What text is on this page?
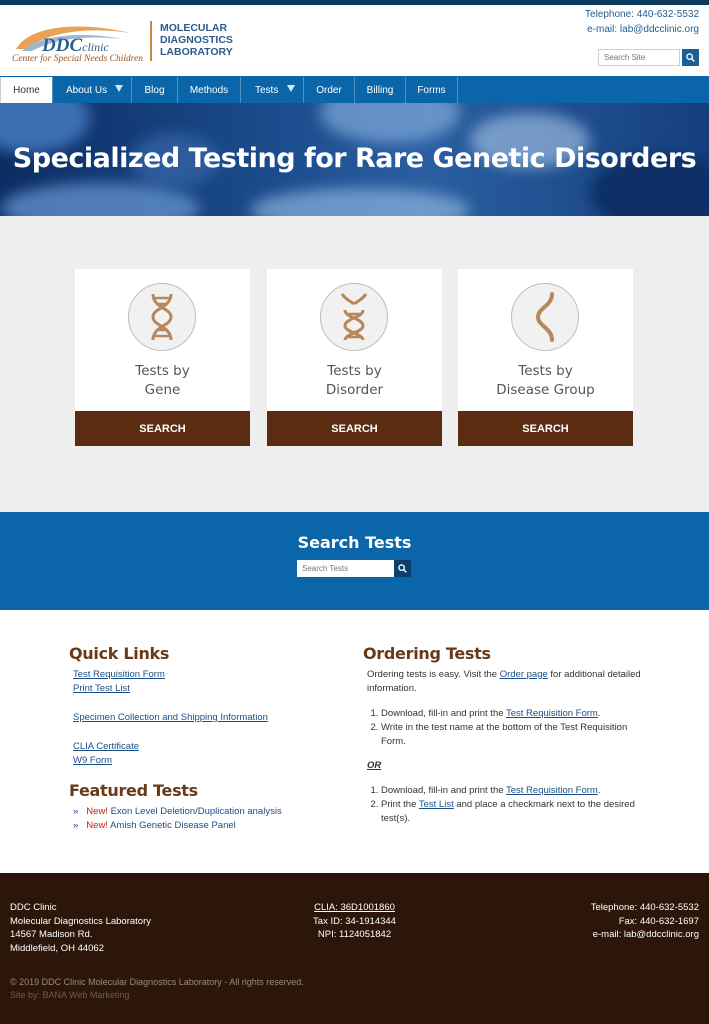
DDCclinic
Center for Special Needs Children
MOLECULAR
DIAGNOSTICS
LABORATORY
Telephone: 440-632-5532
e-mail: lab@ddcclinic.org
Search Site
Home	About Us	Blog	Methods	Tests	Order Billing Forms
Specialized Testing for Rare Genetic Disorders
Tests by
Gene
SEARCH
Tests by
Disorder
SEARCH
Tests by
Disease Group
SEARCH
Search Tests
Search Tests
Quick Links
Test Requisition Form
Print Test List
Specimen Collection and Shipping Information
CLIA Certificate
W9 Form
Featured Tests
» New! Exon Level Deletion/Duplication analysis
» New! Amish Genetic Disease Panel
Ordering Tests

Ordering tests is easy. Visit the Order page for additional detailed information.

1. Download, fill-in and print the Test Requisition Form.
2. Write in the test name at the bottom of the Test Requisition Form.

OR

1. Download, fill-in and print the Test Requisition Form.
2. Print the Test List and place a checkmark next to the desired test(s).
DDC Clinic
Molecular Diagnostics Laboratory
14567 Madison Rd.
Middlefield, OH 44062
CLIA: 36D1001860
Tax ID: 34-1914344
NPI: 1124051842
Telephone: 440-632-5532
Fax: 440-632-1697
e-mail: lab@ddcclinic.org
© 2019 DDC Clinic Molecular Diagnostics Laboratory - All rights reserved.
Site by: BANA Web Marketing
